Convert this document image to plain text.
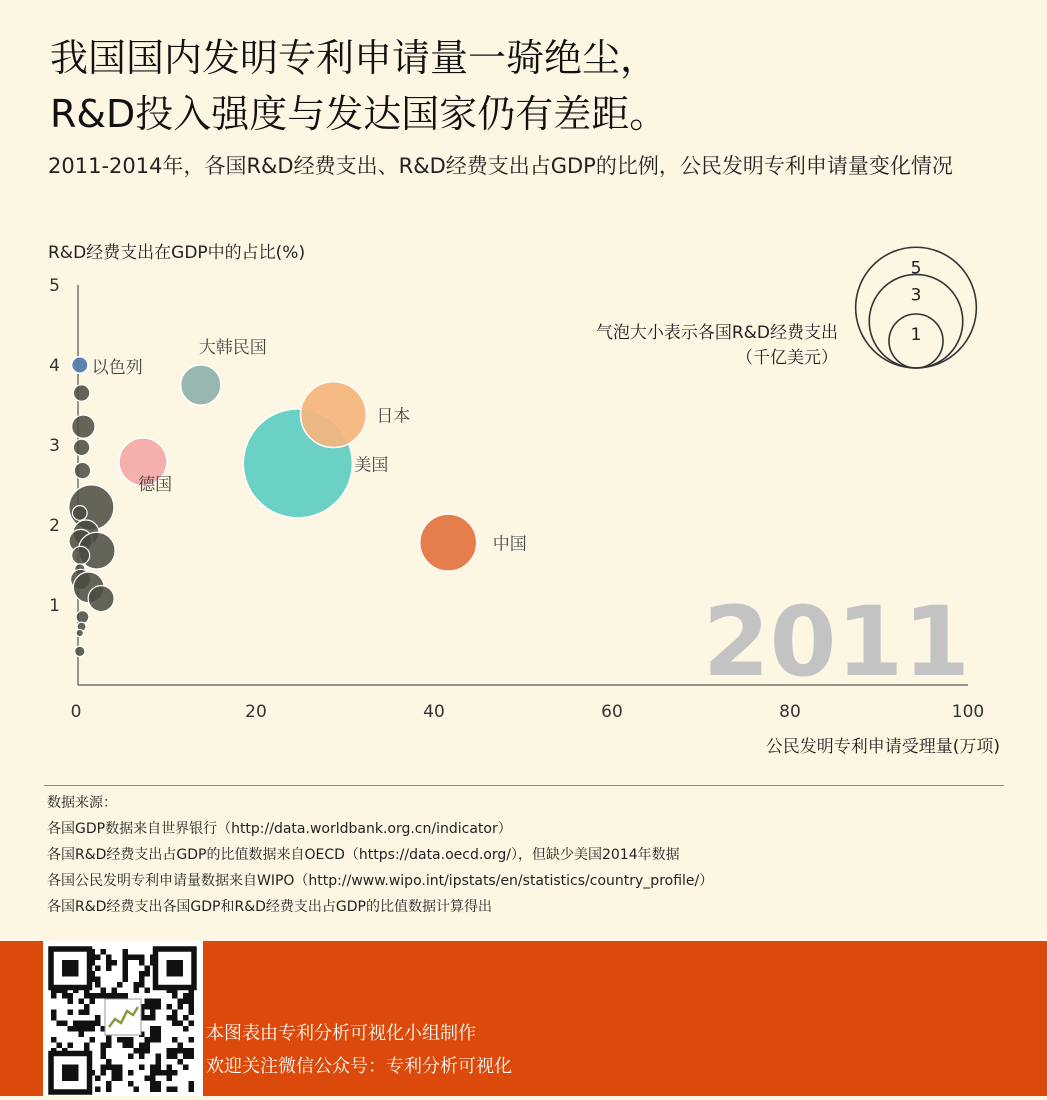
我国国内发明专利申请量一骑绝尘，
R&D投入强度与发达国家仍有差距。

2011-2014年，各国R&D经费支出、R&D经费支出占GDP的比例，公民发明专利申请量变化情况

R&D经费支出在GDP中的占比(%)
2011
1
2
3
4
5
0	20	40	60	80	100
以色列
大韩民国
日本
美国
德国
中国
公民发明专利申请受理量(万项)
气泡大小表示各国R&D经费支出
（千亿美元）
5
3
1
数据来源：
各国GDP数据来自世界银行（http://data.worldbank.org.cn/indicator）
各国R&D经费支出占GDP的比值数据来自OECD（https://data.oecd.org/），但缺少美国2014年数据
各国公民发明专利申请量数据来自WIPO（http://www.wipo.int/ipstats/en/statistics/country_profile/）
各国R&D经费支出各国GDP和R&D经费支出占GDP的比值数据计算得出
本图表由专利分析可视化小组制作
欢迎关注微信公众号：专利分析可视化
